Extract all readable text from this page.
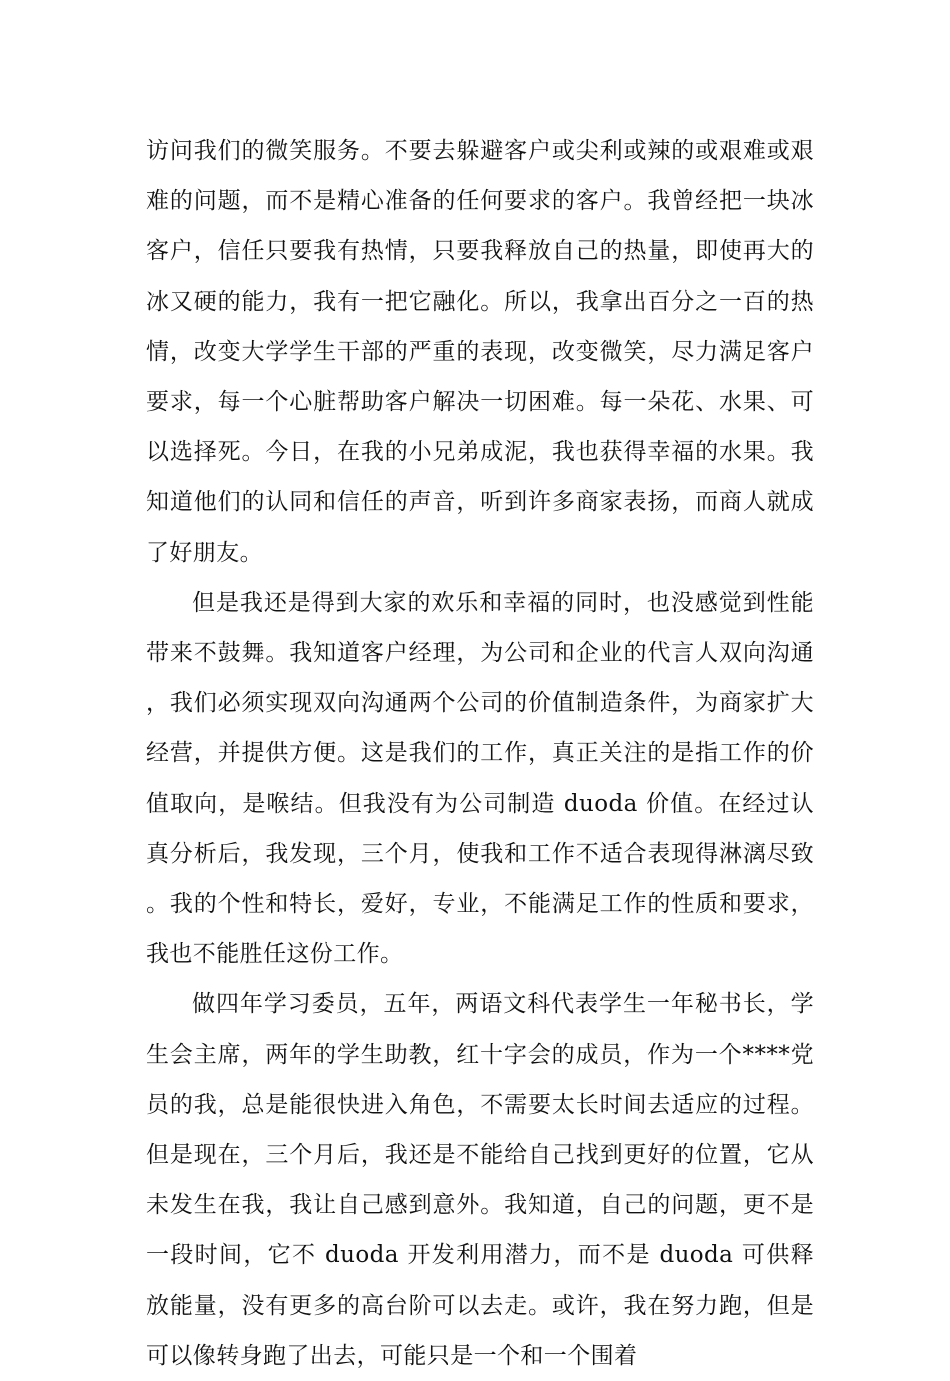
访问我们的微笑服务。不要去躲避客户或尖利或辣的或艰难或艰难的问题，而不是精心准备的任何要求的客户。我曾经把一块冰客户，信任只要我有热情，只要我释放自己的热量，即使再大的冰又硬的能力，我有一把它融化。所以，我拿出百分之一百的热情，改变大学学生干部的严重的表现，改变微笑，尽力满足客户要求，每一个心脏帮助客户解决一切困难。每一朵花、水果、可以选择死。今日，在我的小兄弟成泥，我也获得幸福的水果。我知道他们的认同和信任的声音，听到许多商家表扬，而商人就成了好朋友。

但是我还是得到大家的欢乐和幸福的同时，也没感觉到性能带来不鼓舞。我知道客户经理，为公司和企业的代言人双向沟通，我们必须实现双向沟通两个公司的价值制造条件，为商家扩大经营，并提供方便。这是我们的工作，真正关注的是指工作的价值取向，是喉结。但我没有为公司制造 duoda 价值。在经过认真分析后，我发现，三个月，使我和工作不适合表现得淋漓尽致。我的个性和特长，爱好，专业，不能满足工作的性质和要求，我也不能胜任这份工作。

做四年学习委员，五年，两语文科代表学生一年秘书长，学生会主席，两年的学生助教，红十字会的成员，作为一个****党员的我，总是能很快进入角色，不需要太长时间去适应的过程。但是现在，三个月后，我还是不能给自己找到更好的位置，它从未发生在我，我让自己感到意外。我知道，自己的问题，更不是一段时间，它不 duoda 开发利用潜力，而不是 duoda 可供释放能量，没有更多的高台阶可以去走。或许，我在努力跑，但是可以像转身跑了出去，可能只是一个和一个围着
